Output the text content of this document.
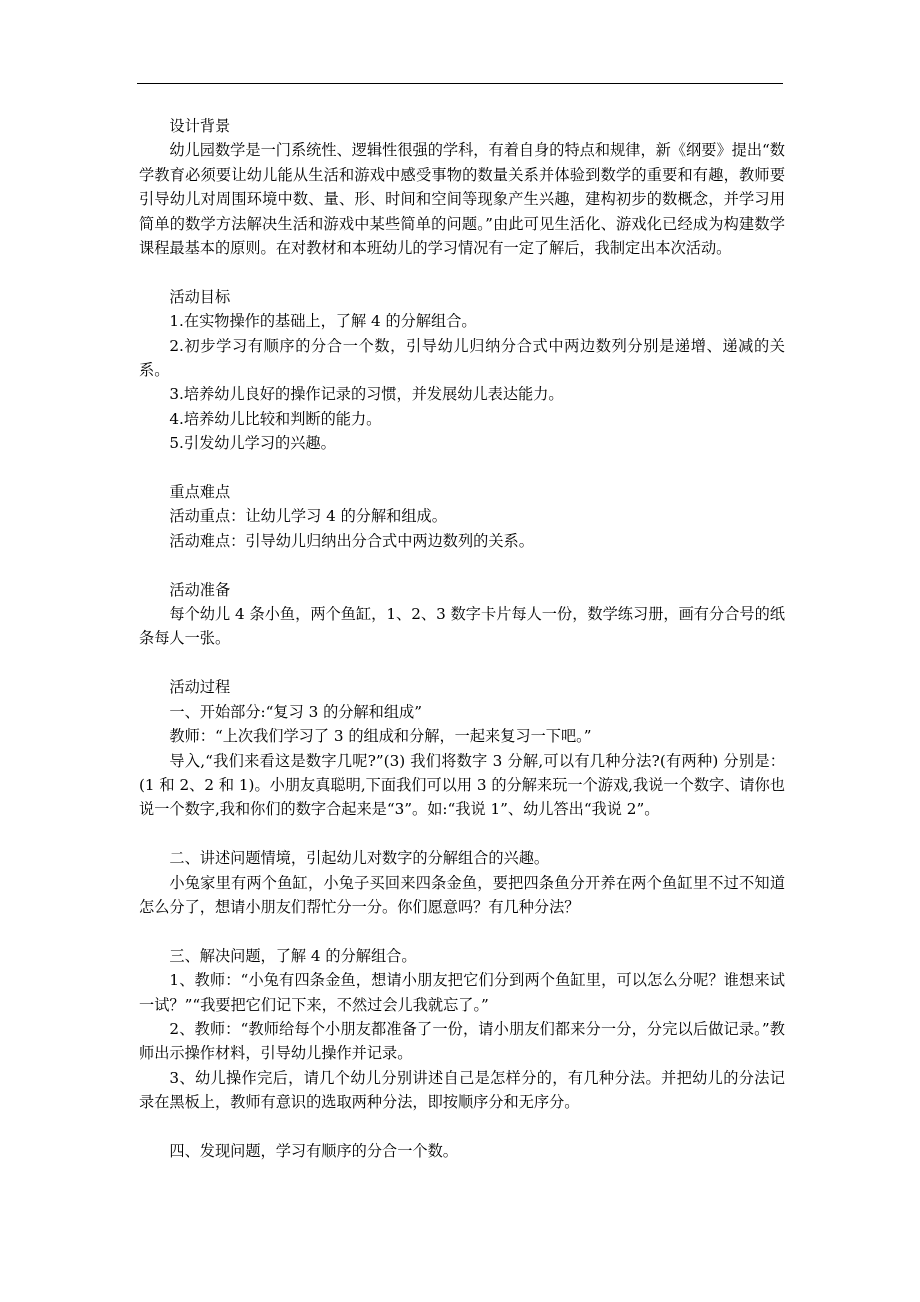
设计背景

幼儿园数学是一门系统性、逻辑性很强的学科，有着自身的特点和规律，新《纲要》提出“数学教育必须要让幼儿能从生活和游戏中感受事物的数量关系并体验到数学的重要和有趣，教师要引导幼儿对周围环境中数、量、形、时间和空间等现象产生兴趣，建构初步的数概念，并学习用简单的数学方法解决生活和游戏中某些简单的问题。”由此可见生活化、游戏化已经成为构建数学课程最基本的原则。在对教材和本班幼儿的学习情况有一定了解后，我制定出本次活动。

活动目标

1.在实物操作的基础上，了解 4 的分解组合。

2.初步学习有顺序的分合一个数，引导幼儿归纳分合式中两边数列分别是递增、递减的关系。

3.培养幼儿良好的操作记录的习惯，并发展幼儿表达能力。

4.培养幼儿比较和判断的能力。

5.引发幼儿学习的兴趣。

重点难点

活动重点：让幼儿学习 4 的分解和组成。

活动难点：引导幼儿归纳出分合式中两边数列的关系。

活动准备

每个幼儿 4 条小鱼，两个鱼缸，1、2、3 数字卡片每人一份，数学练习册，画有分合号的纸条每人一张。

活动过程

一、开始部分:“复习 3 的分解和组成”

教师：“上次我们学习了 3 的组成和分解，一起来复习一下吧。”

导入,“我们来看这是数字几呢?”(3) 我们将数字 3 分解,可以有几种分法?(有两种) 分别是：(1 和 2、2 和 1)。小朋友真聪明,下面我们可以用 3 的分解来玩一个游戏,我说一个数字、请你也说一个数字,我和你们的数字合起来是“3”。如:“我说 1”、幼儿答出“我说 2”。

二、讲述问题情境，引起幼儿对数字的分解组合的兴趣。

小兔家里有两个鱼缸，小兔子买回来四条金鱼，要把四条鱼分开养在两个鱼缸里不过不知道怎么分了，想请小朋友们帮忙分一分。你们愿意吗？有几种分法？

三、解决问题，了解 4 的分解组合。

1、教师：“小兔有四条金鱼，想请小朋友把它们分到两个鱼缸里，可以怎么分呢？谁想来试一试？”“我要把它们记下来，不然过会儿我就忘了。”

2、教师：“教师给每个小朋友都准备了一份，请小朋友们都来分一分，分完以后做记录。”教师出示操作材料，引导幼儿操作并记录。

3、幼儿操作完后，请几个幼儿分别讲述自己是怎样分的，有几种分法。并把幼儿的分法记录在黑板上，教师有意识的选取两种分法，即按顺序分和无序分。

四、发现问题，学习有顺序的分合一个数。
